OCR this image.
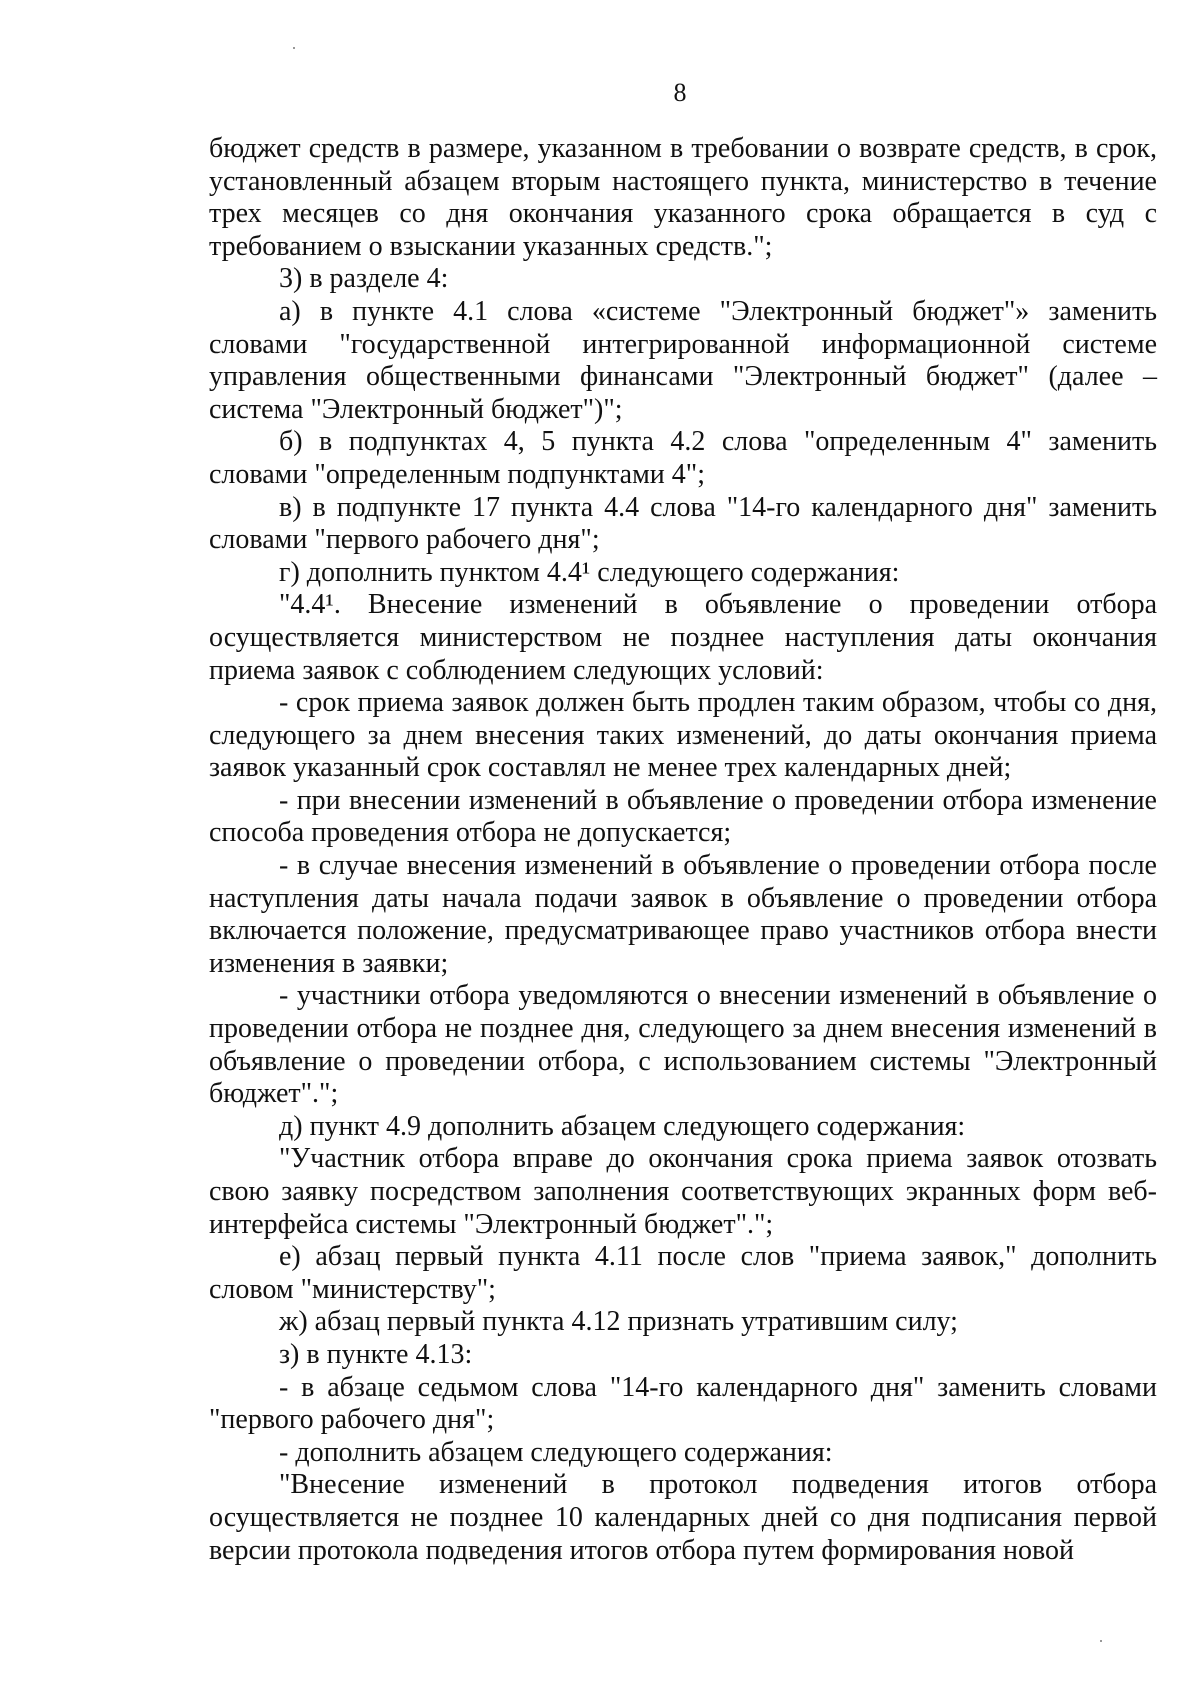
8

бюджет средств в размере, указанном в требовании о возврате средств, в срок, установленный абзацем вторым настоящего пункта, министерство в течение трех месяцев со дня окончания указанного срока обращается в суд с требованием о взыскании указанных средств.";

3) в разделе 4:

а) в пункте 4.1 слова «системе "Электронный бюджет"» заменить словами "государственной интегрированной информационной системе управления общественными финансами "Электронный бюджет" (далее – система "Электронный бюджет")";

б) в подпунктах 4, 5 пункта 4.2 слова "определенным 4" заменить словами "определенным подпунктами 4";

в) в подпункте 17 пункта 4.4 слова "14-го календарного дня" заменить словами "первого рабочего дня";

г) дополнить пунктом 4.4¹ следующего содержания:

"4.4¹. Внесение изменений в объявление о проведении отбора осуществляется министерством не позднее наступления даты окончания приема заявок с соблюдением следующих условий:

- срок приема заявок должен быть продлен таким образом, чтобы со дня, следующего за днем внесения таких изменений, до даты окончания приема заявок указанный срок составлял не менее трех календарных дней;

- при внесении изменений в объявление о проведении отбора изменение способа проведения отбора не допускается;

- в случае внесения изменений в объявление о проведении отбора после наступления даты начала подачи заявок в объявление о проведении отбора включается положение, предусматривающее право участников отбора внести изменения в заявки;

- участники отбора уведомляются о внесении изменений в объявление о проведении отбора не позднее дня, следующего за днем внесения изменений в объявление о проведении отбора, с использованием системы "Электронный бюджет".";

д) пункт 4.9 дополнить абзацем следующего содержания:

"Участник отбора вправе до окончания срока приема заявок отозвать свою заявку посредством заполнения соответствующих экранных форм веб-интерфейса системы "Электронный бюджет".";

е) абзац первый пункта 4.11 после слов "приема заявок," дополнить словом "министерству";

ж) абзац первый пункта 4.12 признать утратившим силу;

з) в пункте 4.13:

- в абзаце седьмом слова "14-го календарного дня" заменить словами "первого рабочего дня";

- дополнить абзацем следующего содержания:

"Внесение изменений в протокол подведения итогов отбора осуществляется не позднее 10 календарных дней со дня подписания первой версии протокола подведения итогов отбора путем формирования новой
